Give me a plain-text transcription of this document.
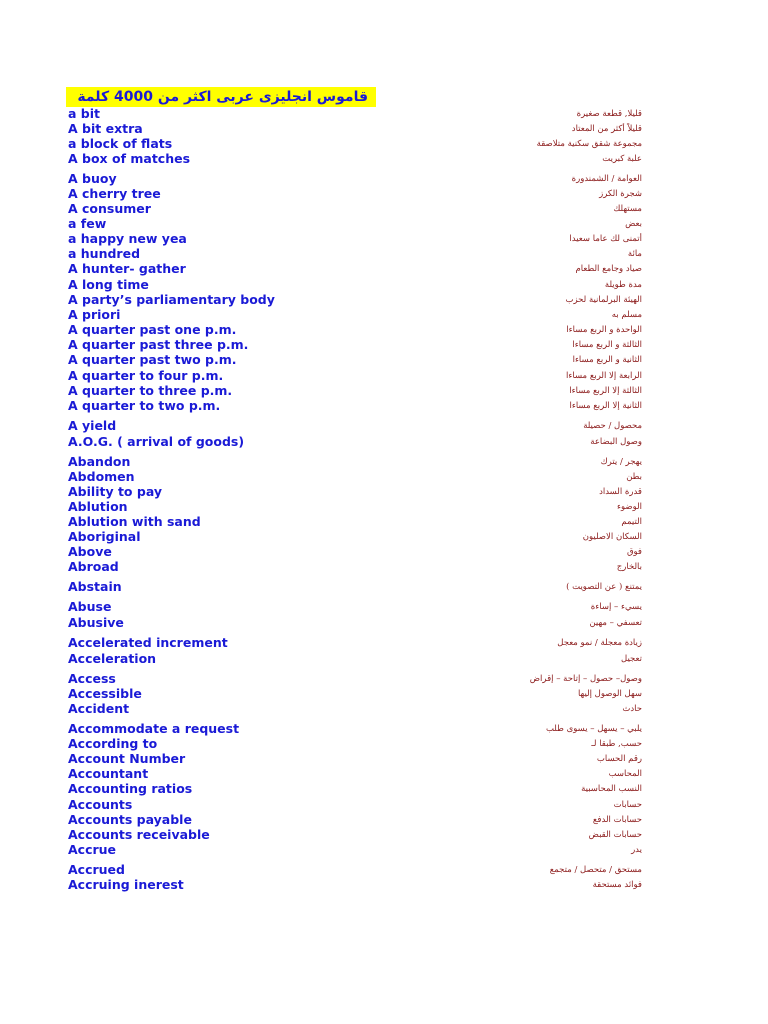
قاموس انجليزى عربى اكثر من 4000 كلمة
a bit	قليلا, قطعة صغيرة
A bit extra	قليلاً أكثر من المعتاد
a block of flats	مجموعة شقق سكنية متلاصقة
A box of matches	علبة كبريت
A buoy	العوامة / الشمندورة
A cherry tree	شجرة الكرز
A consumer	مستهلك
a few	بعض
a happy new yea	أتمنى لك عاما سعيدا
a hundred	مائة
A hunter- gather	صياد وجامع الطعام
A long time	مدة طويلة
A party’s parliamentary body	الهيئة البرلمانية لحزب
A priori	مسلم به
A quarter past one p.m.	الواحدة و الربع مساءا
A quarter past three p.m.	الثالثة و الربع مساءا
A quarter past two p.m.	الثانية و الربع مساءا
A quarter to four p.m.	الرابعة إلا الربع مساءا
A quarter to three p.m.	الثالثة إلا الربع مساءا
A quarter to two p.m.	الثانية إلا الربع مساءا
A yield	محصول / حصيلة
A.O.G. ( arrival of goods)	وصول البضاعة
Abandon	يهجر / يترك
Abdomen	بطن
Ability to pay	قدرة السداد
Ablution	الوضوء
Ablution with sand	التيمم
Aboriginal	السكان الاصليون
Above	فوق
Abroad	بالخارج
Abstain	يمتنع ( عن التصويت )
Abuse	يسيء – إساءة
Abusive	تعسفي – مهين
Accelerated increment	زيادة معجلة / نمو معجل
Acceleration	تعجيل
Access	وصول– حصول – إتاحة – إقراض
Accessible	سهل الوصول إليها
Accident	حادث
Accommodate a request	يلبي – يسهل – يسوى طلب
According to	حسب, طبقا لـ
Account Number	رقم الحساب
Accountant	المحاسب
Accounting ratios	النسب المحاسبية
Accounts	حسابات
Accounts payable	حسابات الدفع
Accounts receivable	حسابات القبض
Accrue	يدر
Accrued	مستحق / متحصل / متجمع
Accruing inerest	فوائد مستحقة
